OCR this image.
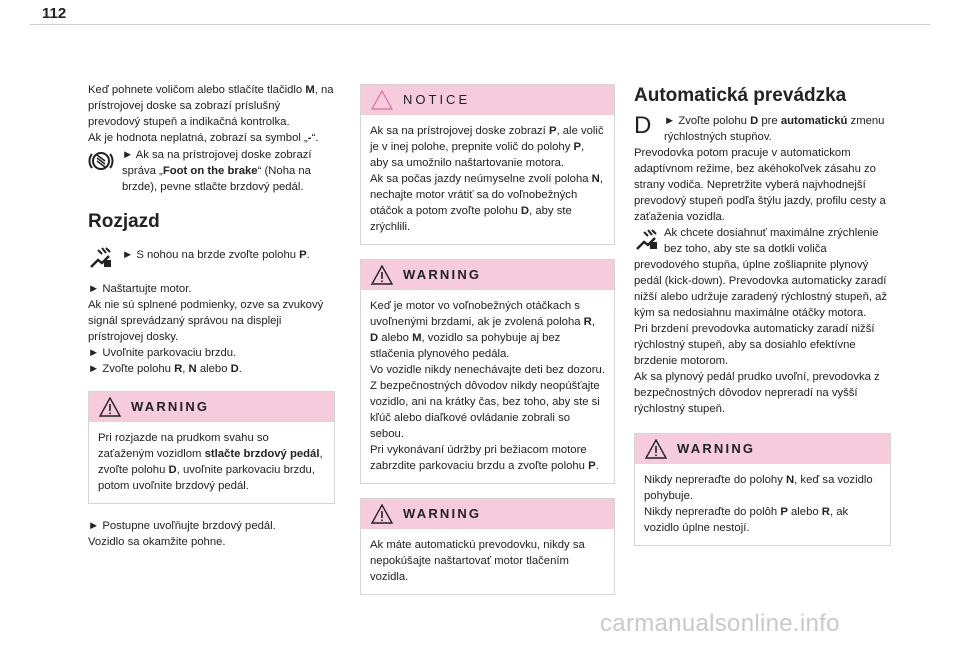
112

Keď pohnete voličom alebo stlačíte tlačidlo M, na prístrojovej doske sa zobrazí príslušný prevodový stupeň a indikačná kontrolka.
Ak je hodnota neplatná, zobrazí sa symbol „-“.

► Ak sa na prístrojovej doske zobrazí správa „Foot on the brake“ (Noha na brzde), pevne stlačte brzdový pedál.

Rozjazd

► S nohou na brzde zvoľte polohu P.

► Naštartujte motor.

Ak nie sú splnené podmienky, ozve sa zvukový signál sprevádzaný správou na displeji prístrojovej dosky.

► Uvoľnite parkovaciu brzdu.

► Zvoľte polohu R, N alebo D.

WARNING
Pri rozjazde na prudkom svahu so zaťaženým vozidlom stlačte brzdový pedál, zvoľte polohu D, uvoľnite parkovaciu brzdu, potom uvoľnite brzdový pedál.

► Postupne uvoľňujte brzdový pedál.

Vozidlo sa okamžite pohne.

NOTICE

Ak sa na prístrojovej doske zobrazí P, ale volič je v inej polohe, prepnite volič do polohy P, aby sa umožnilo naštartovanie motora.

Ak sa počas jazdy neúmyselne zvolí poloha N, nechajte motor vrátiť sa do voľnobežných otáčok a potom zvoľte polohu D, aby ste zrýchlili.

WARNING

Keď je motor vo voľnobežných otáčkach s uvoľnenými brzdami, ak je zvolená poloha R, D alebo M, vozidlo sa pohybuje aj bez stlačenia plynového pedála.

Vo vozidle nikdy nenechávajte deti bez dozoru.

Z bezpečnostných dôvodov nikdy neopúšťajte vozidlo, ani na krátky čas, bez toho, aby ste si kľúč alebo diaľkové ovládanie zobrali so sebou.

Pri vykonávaní údržby pri bežiacom motore zabrzdite parkovaciu brzdu a zvoľte polohu P.

WARNING
Ak máte automatickú prevodovku, nikdy sa nepokúšajte naštartovať motor tlačením vozidla.
Automatická prevádzka
D ► Zvoľte polohu D pre automatickú zmenu rýchlostných stupňov.

Prevodovka potom pracuje v automatickom adaptívnom režime, bez akéhokoľvek zásahu zo strany vodiča. Nepretržite vyberá najvhodnejší prevodový stupeň podľa štýlu jazdy, profilu cesty a zaťaženia vozidla.

Ak chcete dosiahnuť maximálne zrýchlenie bez toho, aby ste sa dotkli voliča prevodového stupňa, úplne zošliapnite plynový pedál (kick-down). Prevodovka automaticky zaradí nižší alebo udržuje zaradený rýchlostný stupeň, až kým sa nedosiahnu maximálne otáčky motora.

Pri brzdení prevodovka automaticky zaradí nižší rýchlostný stupeň, aby sa dosiahlo efektívne brzdenie motorom.

Ak sa plynový pedál prudko uvoľní, prevodovka z bezpečnostných dôvodov nepreradí na vyšší rýchlostný stupeň.

WARNING

Nikdy nepreraďte do polohy N, keď sa vozidlo pohybuje.

Nikdy nepreraďte do polôh P alebo R, ak vozidlo úplne nestojí.

carmanualsonline.info
